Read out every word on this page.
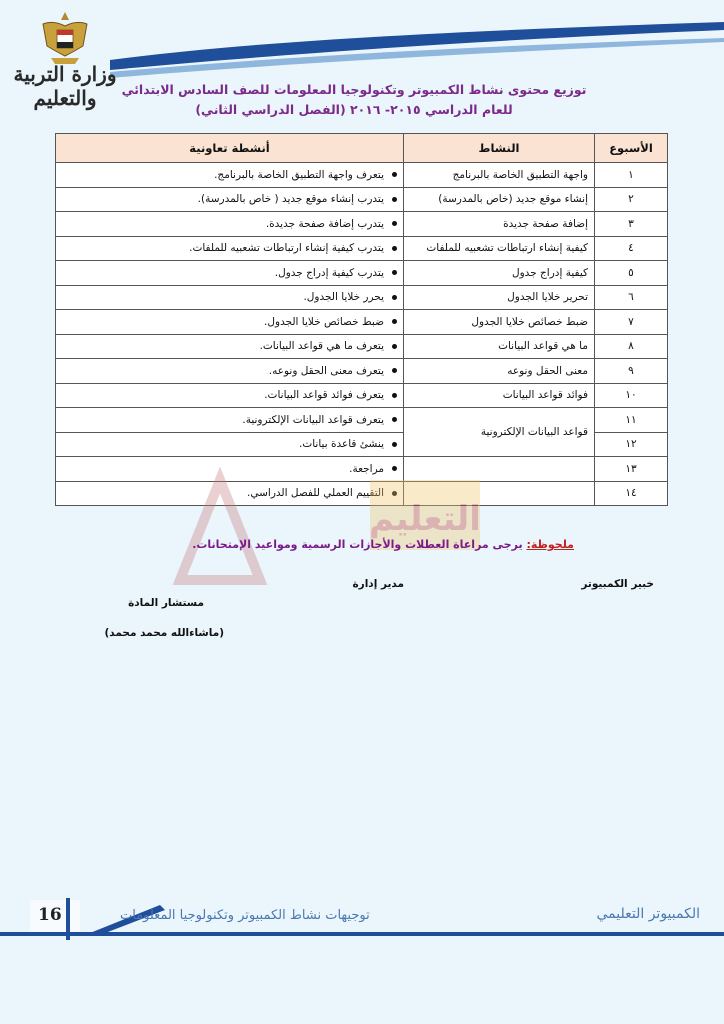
وزارة التربية والتعليم	توزيع محتوى نشاط الكمبيوتر وتكنولوجيا المعلومات للصف السادس الابتدائي
للعام الدراسي ٢٠١٥- ٢٠١٦ (الفصل الدراسي الثاني)
الأسبوع	النشاط	أنشطة تعاونية
١	واجهة التطبيق الخاصة بالبرنامج	يتعرف واجهة التطبيق الخاصة بالبرنامج.
٢	إنشاء موقع جديد (خاص بالمدرسة)	يتدرب إنشاء موقع جديد ( خاص بالمدرسة).
٣	إضافة صفحة جديدة	يتدرب إضافة صفحة جديدة.
٤	كيفية إنشاء ارتباطات تشعبيه للملفات	يتدرب كيفية إنشاء ارتباطات تشعبيه للملفات.
٥	كيفية إدراج جدول	يتدرب كيفية إدراج جدول.
٦	تحرير خلايا الجدول	يحرر خلايا الجدول.
٧	ضبط خصائص خلايا الجدول	ضبط خصائص خلايا الجدول.
٨	ما هي قواعد البيانات	يتعرف ما هي قواعد البيانات.
٩	معنى الحقل ونوعه	يتعرف معنى الحقل ونوعه.
١٠	فوائد قواعد البيانات	يتعرف فوائد قواعد البيانات.
١١	قواعد البيانات الإلكترونية	يتعرف قواعد البيانات الإلكترونية.
١٢		ينشئ قاعدة بيانات.
١٣		مراجعة.
١٤		التقييم العملي للفصل الدراسي.
التعليم
ملحوظة: يرجى مراعاة العطلات والأجازات الرسمية ومواعيد الإمتحانات.
خبير الكمبيوتر
مدير إدارة
مستشار المادة
(ماشاءالله محمد محمد)
16	توجيهات نشاط الكمبيوتر وتكنولوجيا المعلومات	الكمبيوتر التعليمي
